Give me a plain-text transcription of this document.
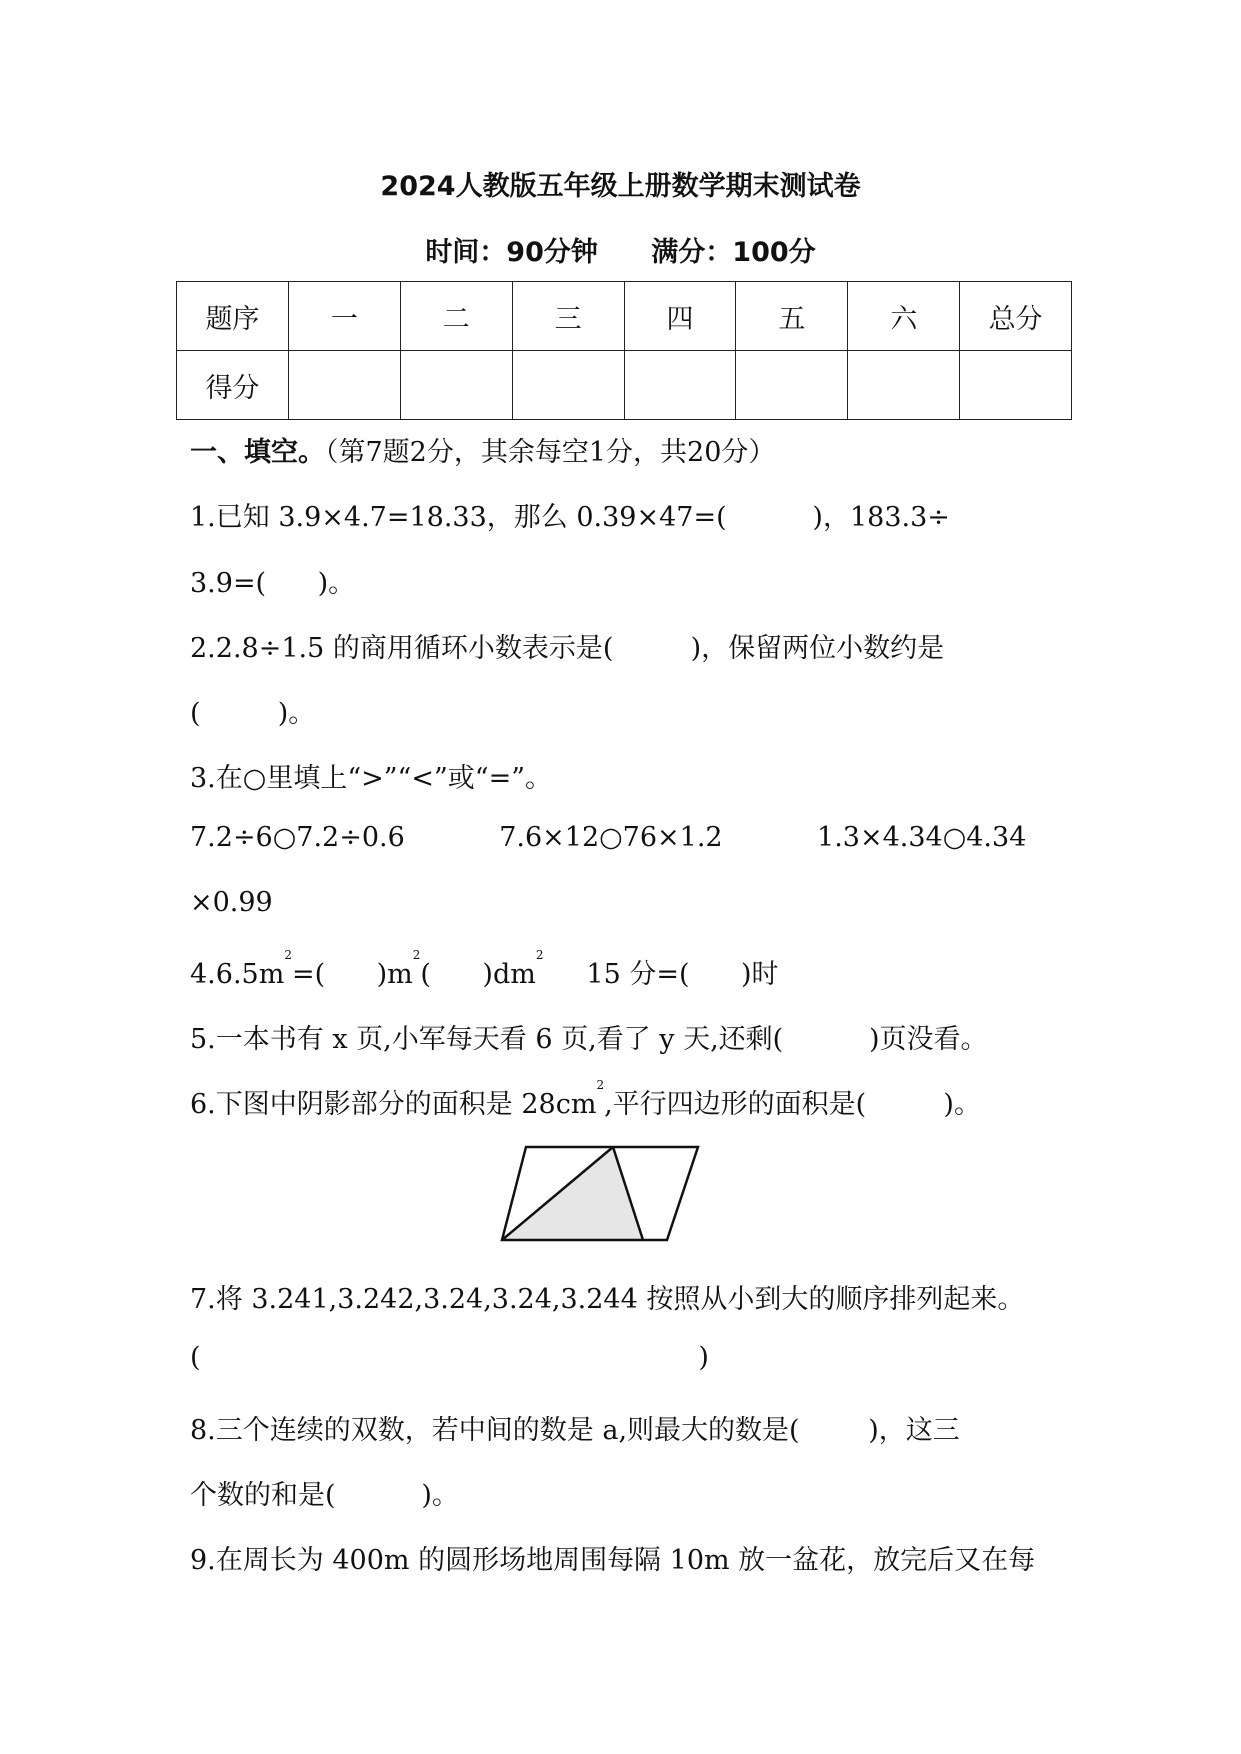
2024人教版五年级上册数学期末测试卷
时间：90分钟 满分：100分
题序	一	二	三	四	五	六	总分
得分							
一、填空。（第7题2分，其余每空1分，共20分）
1.已知 3.9×4.7=18.33，那么 0.39×47=(          )，183.3÷
3.9=(      )。
2.2.8÷1.5 的商用循环小数表示是(         )，保留两位小数约是
(         )。
3.在○里填上“>”“<”或“=”。
7.2÷6○7.2÷0.6           7.6×12○76×1.2           1.3×4.34○4.34
×0.99
$4.6.5m^2=$(      )$m^2$(      )$dm^2$     15 分=(      )时
5.一本书有 x 页,小军每天看 6 页,看了 y 天,还剩(          )页没看。
6.下图中阴影部分的面积是 $28cm^2$,平行四边形的面积是(         )。
7.将 3.241,3.242,3.24,3.24,3.244 按照从小到大的顺序排列起来。
(                                                          )
8.三个连续的双数，若中间的数是 a,则最大的数是(        )，这三
个数的和是(          )。
9.在周长为 400m 的圆形场地周围每隔 10m 放一盆花，放完后又在每
